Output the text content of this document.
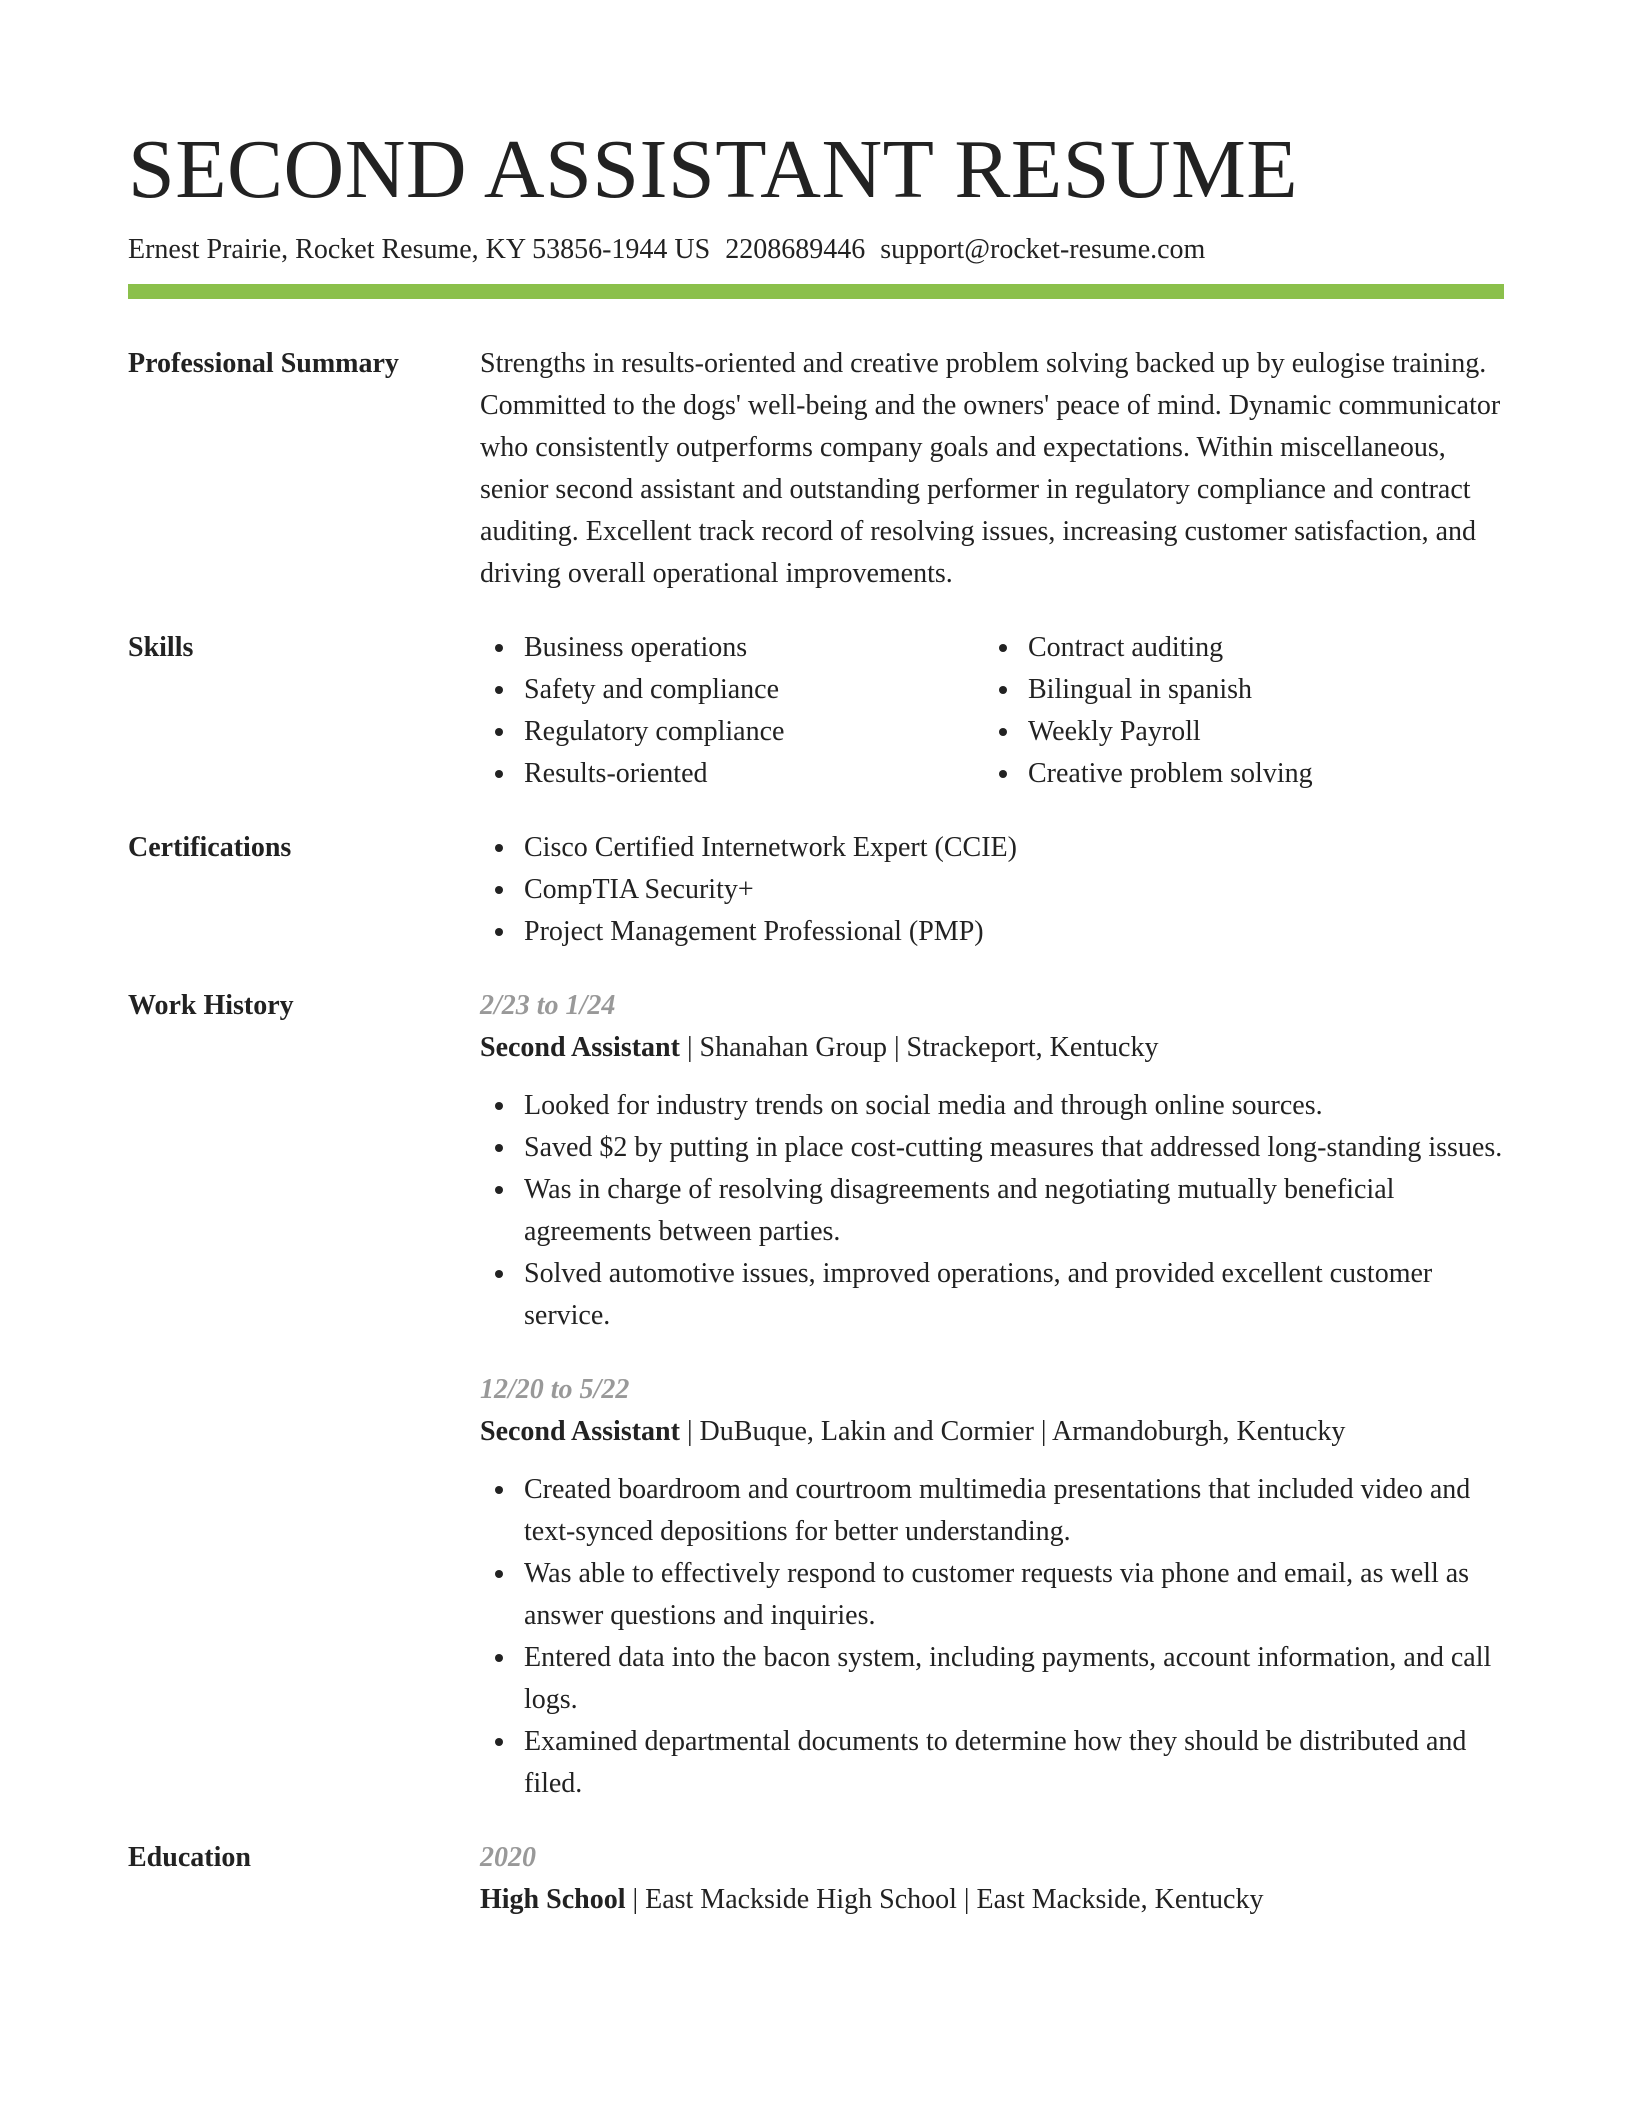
SECOND ASSISTANT RESUME
Ernest Prairie, Rocket Resume, KY 53856-1944 US 2208689446 support@rocket-resume.com
Professional Summary	Strengths in results-oriented and creative problem solving backed up by eulogise training. Committed to the dogs' well-being and the owners' peace of mind. Dynamic communicator who consistently outperforms company goals and expectations. Within miscellaneous, senior second assistant and outstanding performer in regulatory compliance and contract auditing. Excellent track record of resolving issues, increasing customer satisfaction, and driving overall operational improvements.

Skills	Business operations
Safety and compliance
Regulatory compliance
Results-oriented
Contract auditing
Bilingual in spanish
Weekly Payroll
Creative problem solving
Certifications	Cisco Certified Internetwork Expert (CCIE)
CompTIA Security+
Project Management Professional (PMP)
Work History	2/23 to 1/24
Second Assistant | Shanahan Group | Strackeport, Kentucky
Looked for industry trends on social media and through online sources.
Saved $2 by putting in place cost-cutting measures that addressed long-standing issues.
Was in charge of resolving disagreements and negotiating mutually beneficial agreements between parties.
Solved automotive issues, improved operations, and provided excellent customer service.
12/20 to 5/22
Second Assistant | DuBuque, Lakin and Cormier | Armandoburgh, Kentucky
Created boardroom and courtroom multimedia presentations that included video and text-synced depositions for better understanding.
Was able to effectively respond to customer requests via phone and email, as well as answer questions and inquiries.
Entered data into the bacon system, including payments, account information, and call logs.
Examined departmental documents to determine how they should be distributed and filed.
Education	2020
High School | East Mackside High School | East Mackside, Kentucky
